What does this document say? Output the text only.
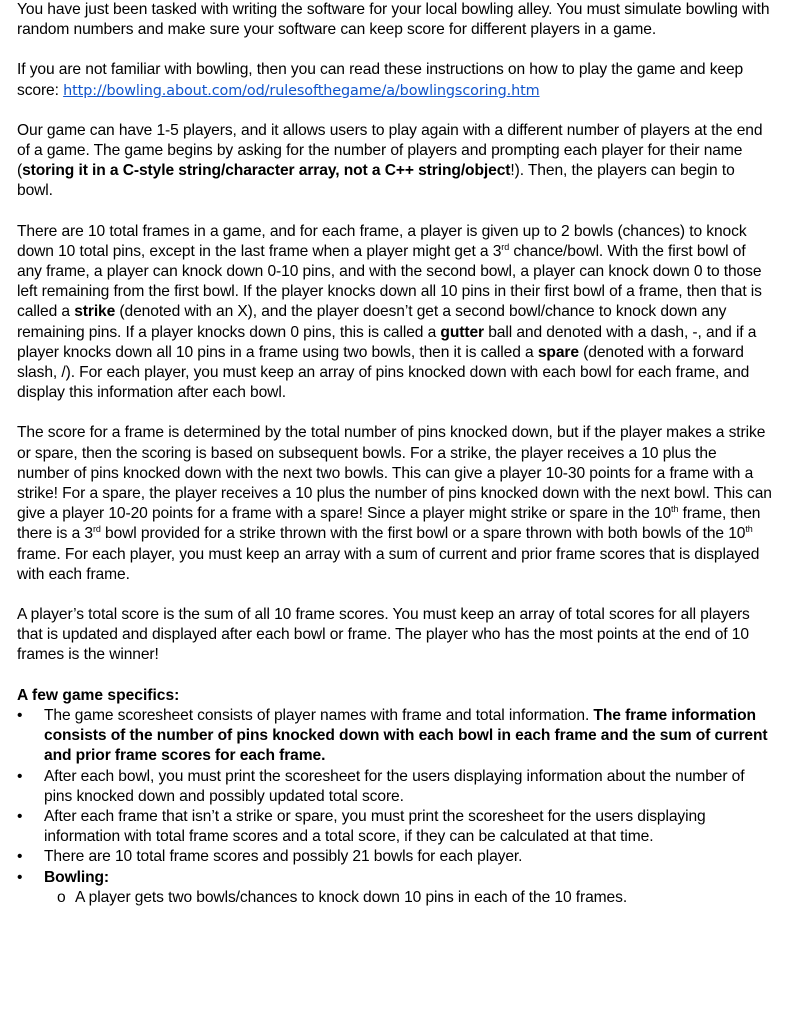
You have just been tasked with writing the software for your local bowling alley. You must simulate bowling with random numbers and make sure your software can keep score for different players in a game.

If you are not familiar with bowling, then you can read these instructions on how to play the game and keep score: http://bowling.about.com/od/rulesofthegame/a/bowlingscoring.htm

Our game can have 1-5 players, and it allows users to play again with a different number of players at the end of a game. The game begins by asking for the number of players and prompting each player for their name (storing it in a C-style string/character array, not a C++ string/object!). Then, the players can begin to bowl.

There are 10 total frames in a game, and for each frame, a player is given up to 2 bowls (chances) to knock down 10 total pins, except in the last frame when a player might get a 3rd chance/bowl. With the first bowl of any frame, a player can knock down 0-10 pins, and with the second bowl, a player can knock down 0 to those left remaining from the first bowl. If the player knocks down all 10 pins in their first bowl of a frame, then that is called a strike (denoted with an X), and the player doesn’t get a second bowl/chance to knock down any remaining pins. If a player knocks down 0 pins, this is called a gutter ball and denoted with a dash, -, and if a player knocks down all 10 pins in a frame using two bowls, then it is called a spare (denoted with a forward slash, /). For each player, you must keep an array of pins knocked down with each bowl for each frame, and display this information after each bowl.

The score for a frame is determined by the total number of pins knocked down, but if the player makes a strike or spare, then the scoring is based on subsequent bowls. For a strike, the player receives a 10 plus the number of pins knocked down with the next two bowls. This can give a player 10-30 points for a frame with a strike! For a spare, the player receives a 10 plus the number of pins knocked down with the next bowl. This can give a player 10-20 points for a frame with a spare! Since a player might strike or spare in the 10th frame, then there is a 3rd bowl provided for a strike thrown with the first bowl or a spare thrown with both bowls of the 10th frame. For each player, you must keep an array with a sum of current and prior frame scores that is displayed with each frame.

A player’s total score is the sum of all 10 frame scores. You must keep an array of total scores for all players that is updated and displayed after each bowl or frame. The player who has the most points at the end of 10 frames is the winner!

A few game specifics:
• The game scoresheet consists of player names with frame and total information. The frame information consists of the number of pins knocked down with each bowl in each frame and the sum of current and prior frame scores for each frame.
• After each bowl, you must print the scoresheet for the users displaying information about the number of pins knocked down and possibly updated total score.
• After each frame that isn’t a strike or spare, you must print the scoresheet for the users displaying information with total frame scores and a total score, if they can be calculated at that time.
• There are 10 total frame scores and possibly 21 bowls for each player.
• Bowling:
o A player gets two bowls/chances to knock down 10 pins in each of the 10 frames.
